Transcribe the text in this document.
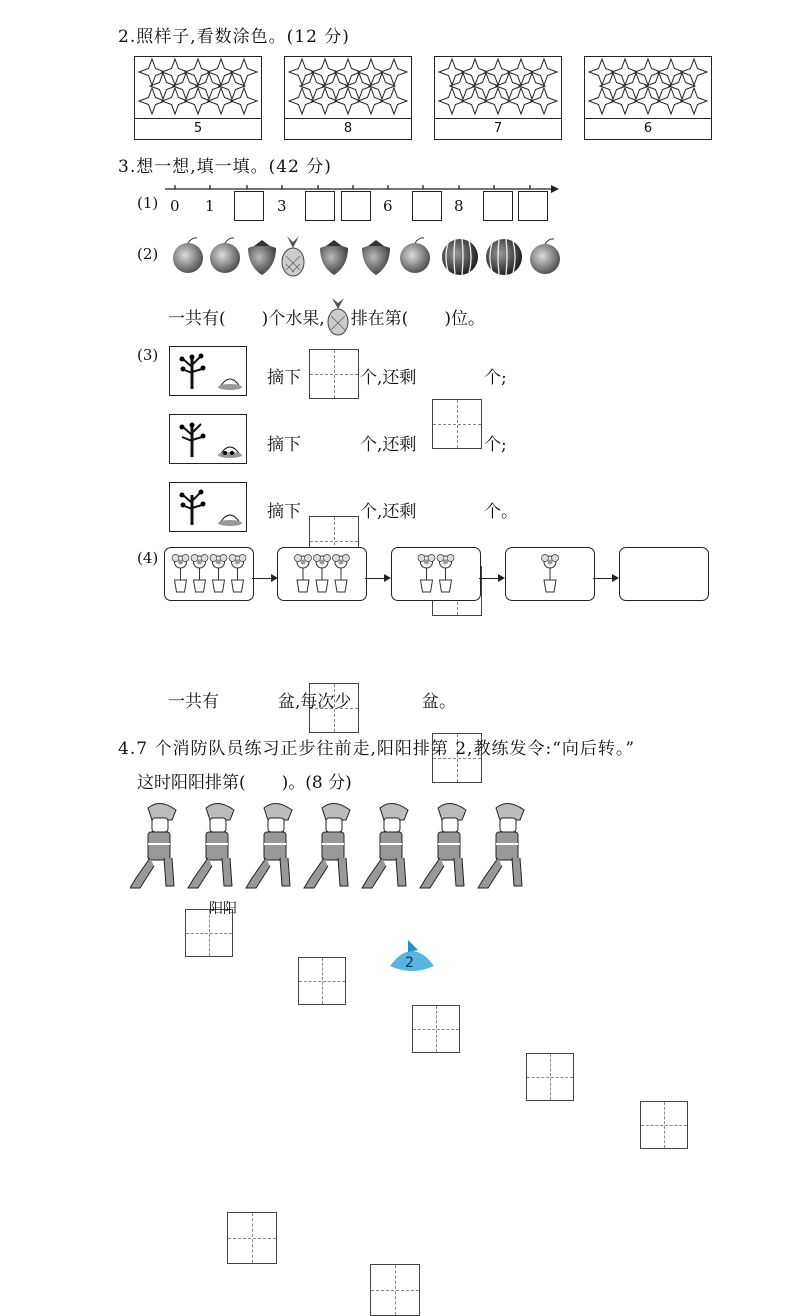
2.照样子,看数涂色。(12 分)
5	8	7	6
3.想一想,填一填。(42 分)
(1) 0 1	3	6	8
(2)
一共有( )个水果, 排在第( )位。
(3)
摘下	个,还剩	个;
摘下	个,还剩	个;
摘下	个,还剩	个。
(4)
一共有	盆,每次少	盆。
4.7 个消防队员练习正步往前走,阳阳排第 2,教练发令:“向后转。”
这时阳阳排第( )。(8 分)
阳阳
2
